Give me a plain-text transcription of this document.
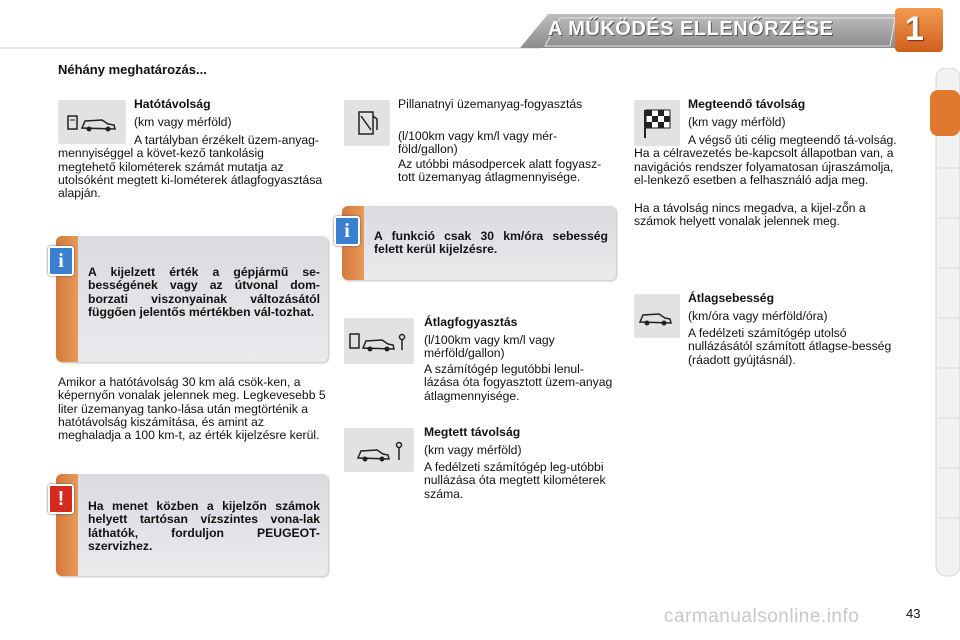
A MŰKÖDÉS ELLENŐRZÉSE 1
Néhány meghatározás...

Hatótávolság

(km vagy mérföld)
A tartályban érzékelt üzem-anyag-mennyiséggel a követ-kező tankolásig megtehető kilométerek számát mutatja az utolsóként megtett ki-lométerek átlagfogyasztása alapján.
i	A kijelzett érték a gépjármű se-bességének vagy az útvonal dom-borzati viszonyainak változásától függően jelentős mértékben vál-tozhat.
Amikor a hatótávolság 30 km alá csök-ken, a képernyőn vonalak jelennek meg. Legkevesebb 5 liter üzemanyag tanko-lása után megtörténik a hatótávolság kiszámítása, és amint az meghaladja a 100 km-t, az érték kijelzésre kerül.
!	Ha menet közben a kijelzőn számok helyett tartósan vízszintes vona-lak láthatók, forduljon PEUGEOT-szervizhez.
Pillanatnyi üzemanyag-fogyasztás
(l/100km vagy km/l vagy mér-föld/gallon)
Az utóbbi másodpercek alatt fogyasz-tott üzemanyag átlagmennyisége.
i	A funkció csak 30 km/óra sebesség felett kerül kijelzésre.
Átlagfogyasztás
(l/100km vagy km/l vagy mérföld/gallon)
A számítógép legutóbbi lenul-lázása óta fogyasztott üzem-anyag átlagmennyisége.
Megtett távolság
(km vagy mérföld)
A fedélzeti számítógép leg-utóbbi nullázása óta megtett kilométerek száma.
Megteendő távolság
(km vagy mérföld)
A végső úti célig megteendő tá-volság. Ha a célravezetés be-kapcsolt állapotban van, a navigációs rendszer folyamatosan újraszámolja, el-lenkező esetben a felhasználó adja meg.
Ha a távolság nincs megadva, a kijel-ző̋n a számok helyett vonalak jelennek meg.
Átlagsebesség
(km/óra vagy mérföld/óra)
A fedélzeti számítógép utolsó nullázásától számított átlagse-besség (ráadott gyújtásnál).
carmanualsonline.info	43
